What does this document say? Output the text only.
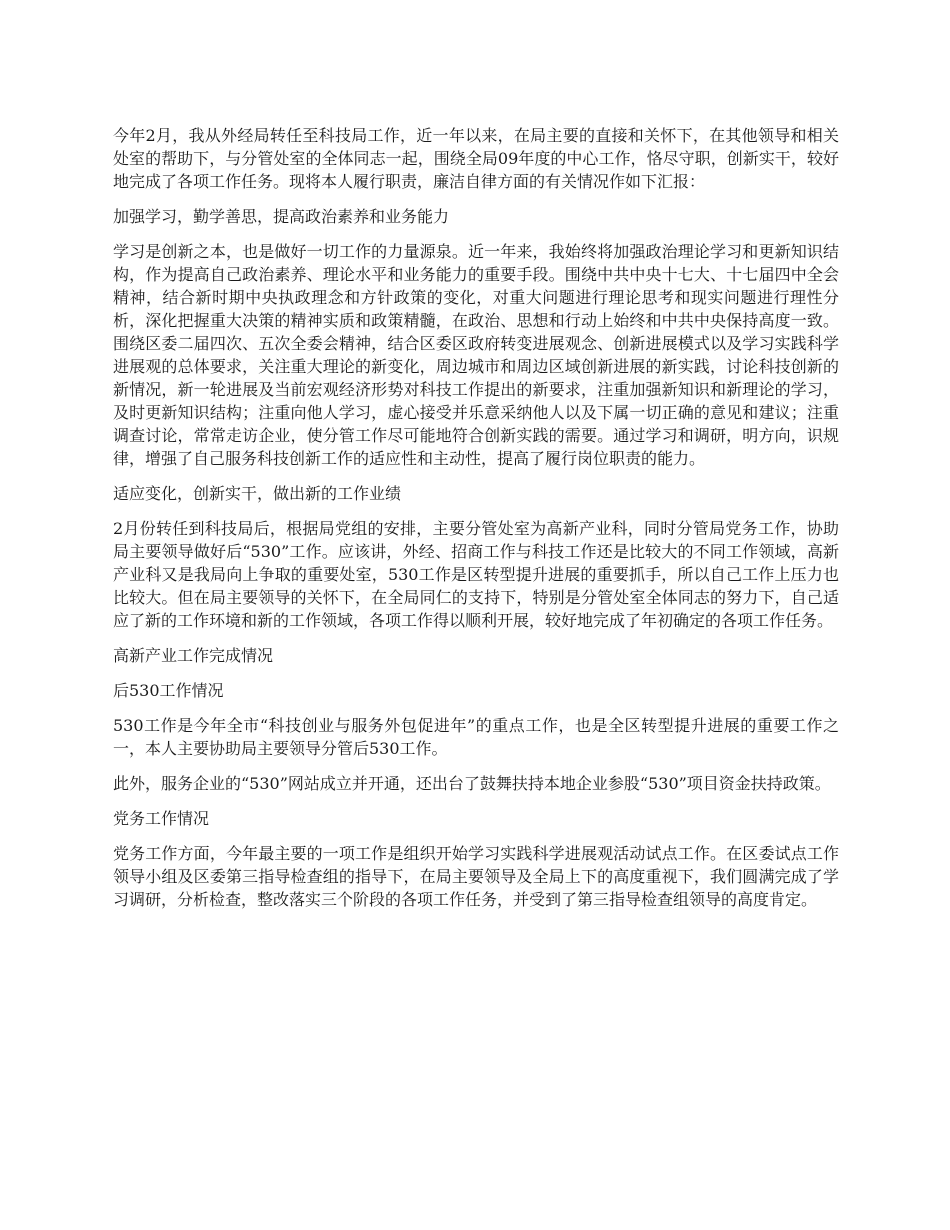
今年2月，我从外经局转任至科技局工作，近一年以来，在局主要的直接和关怀下，在其他领导和相关处室的帮助下，与分管处室的全体同志一起，围绕全局09年度的中心工作，恪尽守职，创新实干，较好地完成了各项工作任务。现将本人履行职责，廉洁自律方面的有关情况作如下汇报：

加强学习，勤学善思，提高政治素养和业务能力

学习是创新之本，也是做好一切工作的力量源泉。近一年来，我始终将加强政治理论学习和更新知识结构，作为提高自己政治素养、理论水平和业务能力的重要手段。围绕中共中央十七大、十七届四中全会精神，结合新时期中央执政理念和方针政策的变化，对重大问题进行理论思考和现实问题进行理性分析，深化把握重大决策的精神实质和政策精髓，在政治、思想和行动上始终和中共中央保持高度一致。围绕区委二届四次、五次全委会精神，结合区委区政府转变进展观念、创新进展模式以及学习实践科学进展观的总体要求，关注重大理论的新变化，周边城市和周边区域创新进展的新实践，讨论科技创新的新情况，新一轮进展及当前宏观经济形势对科技工作提出的新要求，注重加强新知识和新理论的学习，及时更新知识结构；注重向他人学习，虚心接受并乐意采纳他人以及下属一切正确的意见和建议；注重调查讨论，常常走访企业，使分管工作尽可能地符合创新实践的需要。通过学习和调研，明方向，识规律，增强了自己服务科技创新工作的适应性和主动性，提高了履行岗位职责的能力。

适应变化，创新实干，做出新的工作业绩

2月份转任到科技局后，根据局党组的安排，主要分管处室为高新产业科，同时分管局党务工作，协助局主要领导做好后“530”工作。应该讲，外经、招商工作与科技工作还是比较大的不同工作领域，高新产业科又是我局向上争取的重要处室，530工作是区转型提升进展的重要抓手，所以自己工作上压力也比较大。但在局主要领导的关怀下，在全局同仁的支持下，特别是分管处室全体同志的努力下，自己适应了新的工作环境和新的工作领域，各项工作得以顺利开展，较好地完成了年初确定的各项工作任务。

高新产业工作完成情况

后530工作情况

530工作是今年全市“科技创业与服务外包促进年”的重点工作，也是全区转型提升进展的重要工作之一，本人主要协助局主要领导分管后530工作。

此外，服务企业的“530”网站成立并开通，还出台了鼓舞扶持本地企业参股“530”项目资金扶持政策。

党务工作情况

党务工作方面，今年最主要的一项工作是组织开始学习实践科学进展观活动试点工作。在区委试点工作领导小组及区委第三指导检查组的指导下，在局主要领导及全局上下的高度重视下，我们圆满完成了学习调研，分析检查，整改落实三个阶段的各项工作任务，并受到了第三指导检查组领导的高度肯定。
